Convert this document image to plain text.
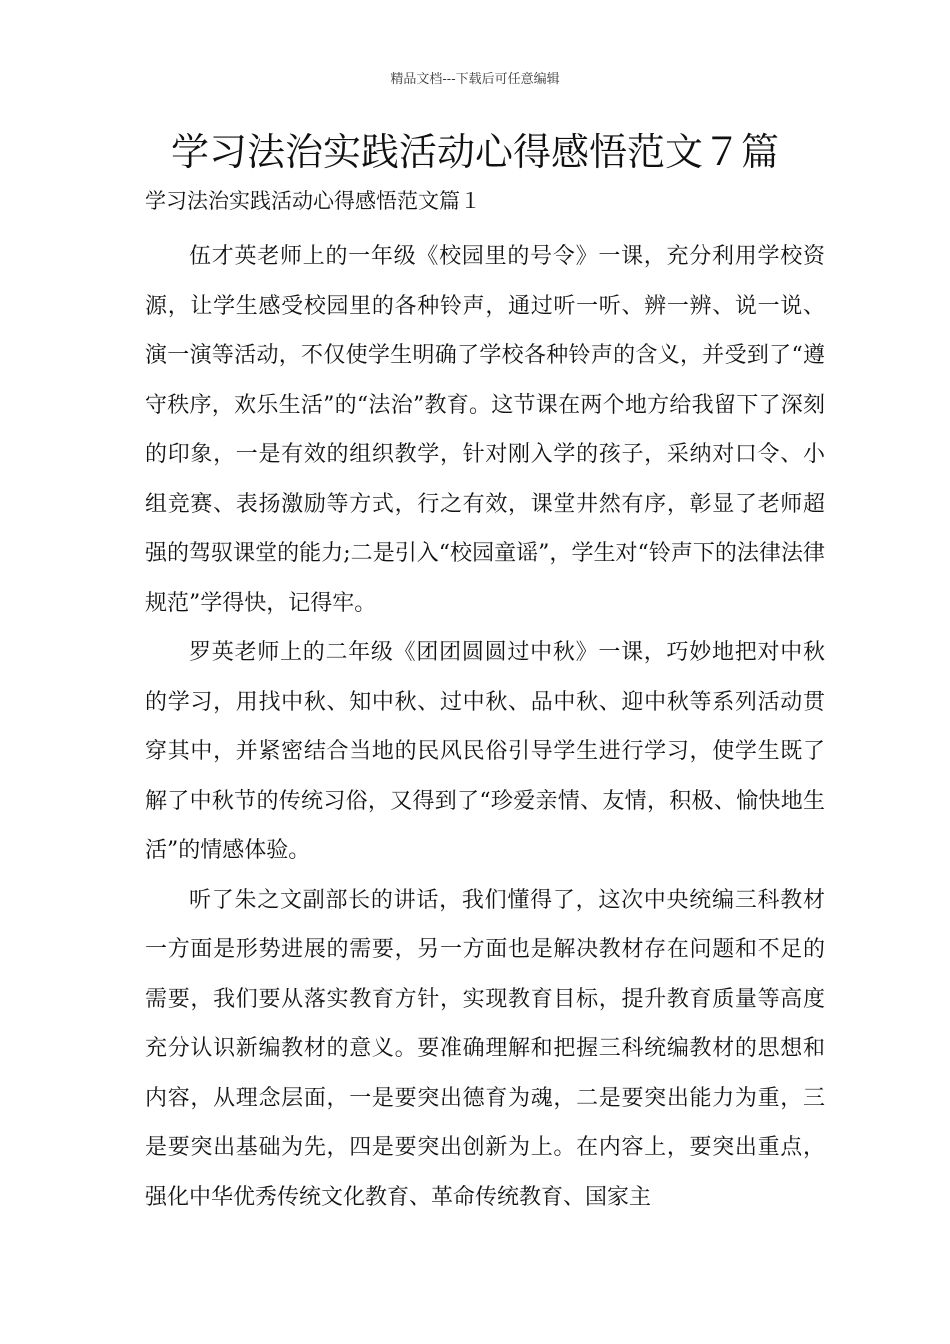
精品文档---下载后可任意编辑
学习法治实践活动心得感悟范文７篇
学习法治实践活动心得感悟范文篇１

伍才英老师上的一年级《校园里的号令》一课，充分利用学校资源，让学生感受校园里的各种铃声，通过听一听、辨一辨、说一说、演一演等活动，不仅使学生明确了学校各种铃声的含义，并受到了“遵守秩序，欢乐生活”的“法治”教育。这节课在两个地方给我留下了深刻的印象，一是有效的组织教学，针对刚入学的孩子，采纳对口令、小组竞赛、表扬激励等方式，行之有效，课堂井然有序，彰显了老师超强的驾驭课堂的能力;二是引入“校园童谣”，学生对“铃声下的法律法律规范”学得快，记得牢。

罗英老师上的二年级《团团圆圆过中秋》一课，巧妙地把对中秋的学习，用找中秋、知中秋、过中秋、品中秋、迎中秋等系列活动贯穿其中，并紧密结合当地的民风民俗引导学生进行学习，使学生既了解了中秋节的传统习俗，又得到了“珍爱亲情、友情，积极、愉快地生活”的情感体验。

听了朱之文副部长的讲话，我们懂得了，这次中央统编三科教材一方面是形势进展的需要，另一方面也是解决教材存在问题和不足的需要，我们要从落实教育方针，实现教育目标，提升教育质量等高度充分认识新编教材的意义。要准确理解和把握三科统编教材的思想和内容，从理念层面，一是要突出德育为魂，二是要突出能力为重，三是要突出基础为先，四是要突出创新为上。在内容上，要突出重点，强化中华优秀传统文化教育、革命传统教育、国家主
